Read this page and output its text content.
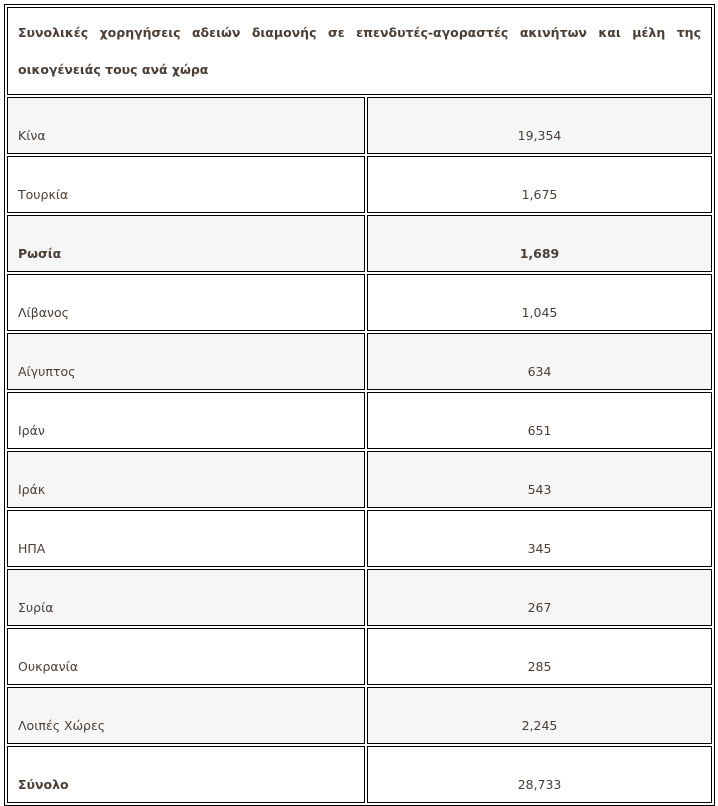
Συνολικές χορηγήσεις αδειών διαμονής σε επενδυτές-αγοραστές ακινήτων και μέλη της οικογένειάς τους ανά χώρα	
Κίνα	19,354
Τουρκία	1,675
Ρωσία	1,689
Λίβανος	1,045
Αίγυπτος	634
Ιράν	651
Ιράκ	543
ΗΠΑ	345
Συρία	267
Ουκρανία	285
Λοιπές Χώρες	2,245
Σύνολο	28,733
